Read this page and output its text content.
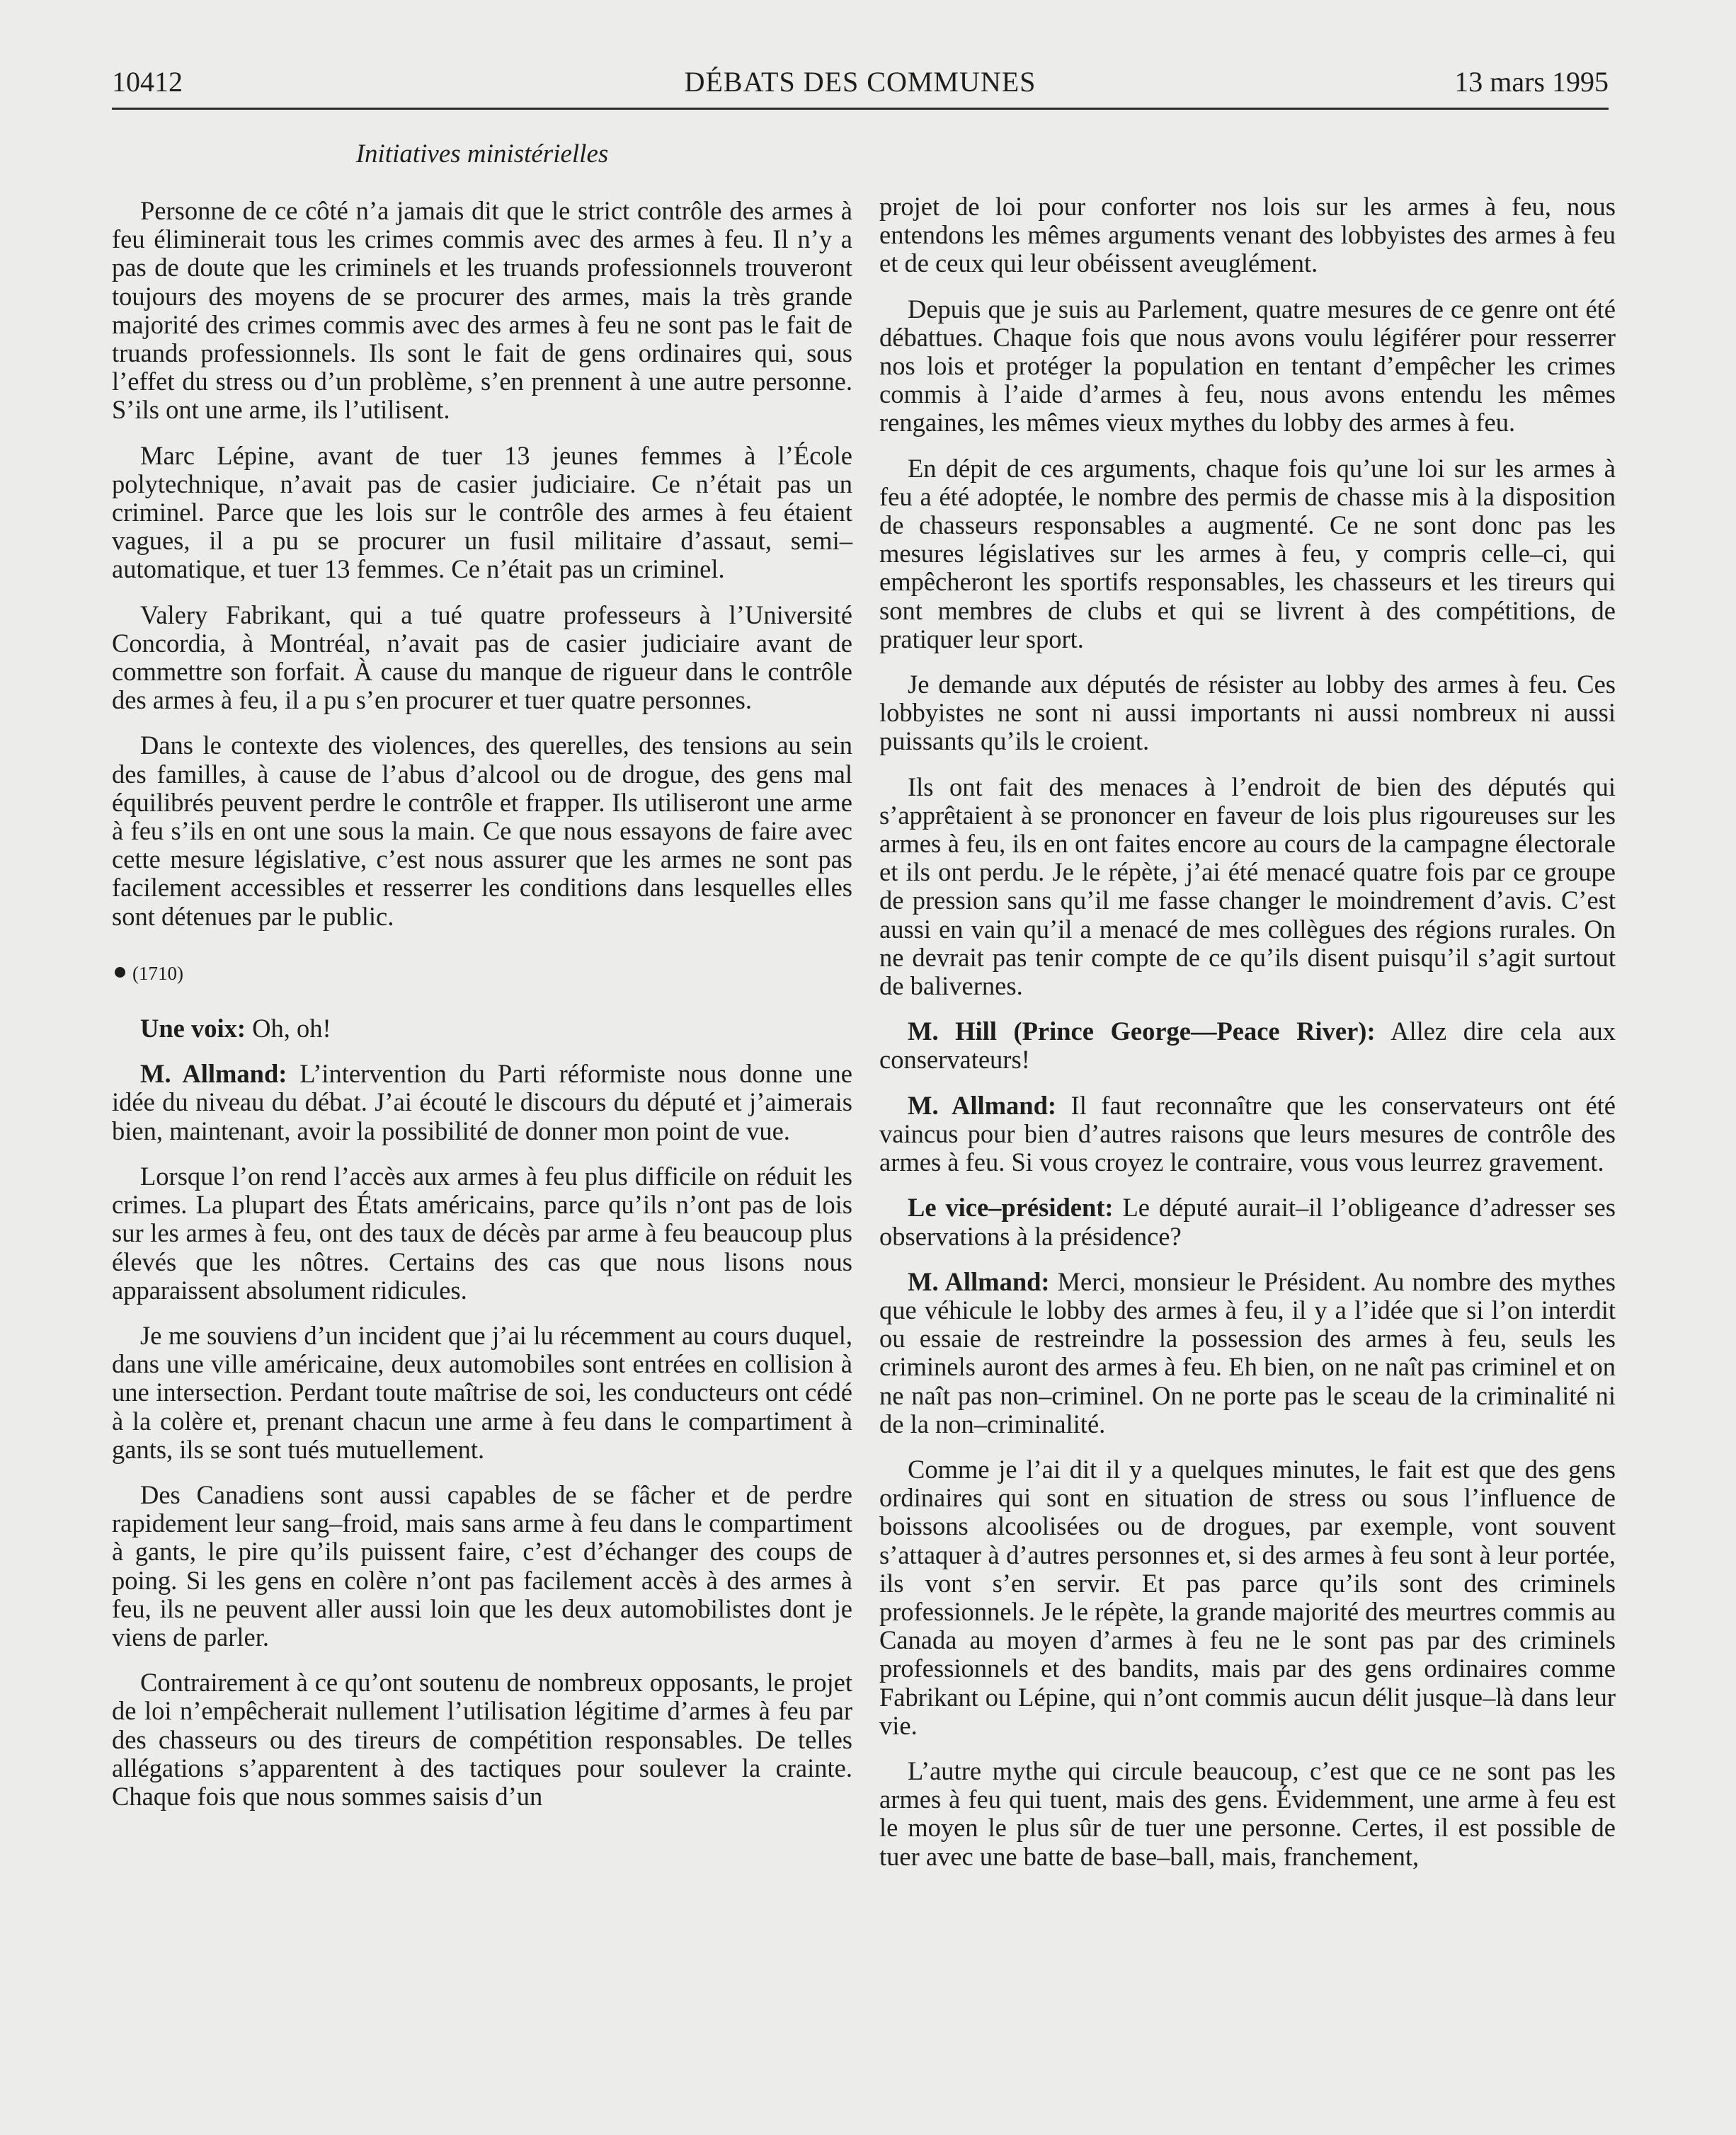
10412	DÉBATS DES COMMUNES	13 mars 1995
Initiatives ministérielles

Personne de ce côté n’a jamais dit que le strict contrôle des armes à feu éliminerait tous les crimes commis avec des armes à feu. Il n’y a pas de doute que les criminels et les truands professionnels trouveront toujours des moyens de se procurer des armes, mais la très grande majorité des crimes commis avec des armes à feu ne sont pas le fait de truands professionnels. Ils sont le fait de gens ordinaires qui, sous l’effet du stress ou d’un problème, s’en prennent à une autre personne. S’ils ont une arme, ils l’utilisent.

Marc Lépine, avant de tuer 13 jeunes femmes à l’École polytechnique, n’avait pas de casier judiciaire. Ce n’était pas un criminel. Parce que les lois sur le contrôle des armes à feu étaient vagues, il a pu se procurer un fusil militaire d’assaut, semi–automatique, et tuer 13 femmes. Ce n’était pas un criminel.

Valery Fabrikant, qui a tué quatre professeurs à l’Université Concordia, à Montréal, n’avait pas de casier judiciaire avant de commettre son forfait. À cause du manque de rigueur dans le contrôle des armes à feu, il a pu s’en procurer et tuer quatre personnes.

Dans le contexte des violences, des querelles, des tensions au sein des familles, à cause de l’abus d’alcool ou de drogue, des gens mal équilibrés peuvent perdre le contrôle et frapper. Ils utiliseront une arme à feu s’ils en ont une sous la main. Ce que nous essayons de faire avec cette mesure législative, c’est nous assurer que les armes ne sont pas facilement accessibles et resserrer les conditions dans lesquelles elles sont détenues par le public.

(1710)

Une voix: Oh, oh!

M. Allmand: L’intervention du Parti réformiste nous donne une idée du niveau du débat. J’ai écouté le discours du député et j’aimerais bien, maintenant, avoir la possibilité de donner mon point de vue.

Lorsque l’on rend l’accès aux armes à feu plus difficile on réduit les crimes. La plupart des États américains, parce qu’ils n’ont pas de lois sur les armes à feu, ont des taux de décès par arme à feu beaucoup plus élevés que les nôtres. Certains des cas que nous lisons nous apparaissent absolument ridicules.

Je me souviens d’un incident que j’ai lu récemment au cours duquel, dans une ville américaine, deux automobiles sont entrées en collision à une intersection. Perdant toute maîtrise de soi, les conducteurs ont cédé à la colère et, prenant chacun une arme à feu dans le compartiment à gants, ils se sont tués mutuellement.

Des Canadiens sont aussi capables de se fâcher et de perdre rapidement leur sang–froid, mais sans arme à feu dans le compartiment à gants, le pire qu’ils puissent faire, c’est d’échanger des coups de poing. Si les gens en colère n’ont pas facilement accès à des armes à feu, ils ne peuvent aller aussi loin que les deux automobilistes dont je viens de parler.

Contrairement à ce qu’ont soutenu de nombreux opposants, le projet de loi n’empêcherait nullement l’utilisation légitime d’armes à feu par des chasseurs ou des tireurs de compétition responsables. De telles allégations s’apparentent à des tactiques pour soulever la crainte. Chaque fois que nous sommes saisis d’un

projet de loi pour conforter nos lois sur les armes à feu, nous entendons les mêmes arguments venant des lobbyistes des armes à feu et de ceux qui leur obéissent aveuglément.

Depuis que je suis au Parlement, quatre mesures de ce genre ont été débattues. Chaque fois que nous avons voulu légiférer pour resserrer nos lois et protéger la population en tentant d’empêcher les crimes commis à l’aide d’armes à feu, nous avons entendu les mêmes rengaines, les mêmes vieux mythes du lobby des armes à feu.

En dépit de ces arguments, chaque fois qu’une loi sur les armes à feu a été adoptée, le nombre des permis de chasse mis à la disposition de chasseurs responsables a augmenté. Ce ne sont donc pas les mesures législatives sur les armes à feu, y compris celle–ci, qui empêcheront les sportifs responsables, les chasseurs et les tireurs qui sont membres de clubs et qui se livrent à des compétitions, de pratiquer leur sport.

Je demande aux députés de résister au lobby des armes à feu. Ces lobbyistes ne sont ni aussi importants ni aussi nombreux ni aussi puissants qu’ils le croient.

Ils ont fait des menaces à l’endroit de bien des députés qui s’apprêtaient à se prononcer en faveur de lois plus rigoureuses sur les armes à feu, ils en ont faites encore au cours de la campagne électorale et ils ont perdu. Je le répète, j’ai été menacé quatre fois par ce groupe de pression sans qu’il me fasse changer le moindrement d’avis. C’est aussi en vain qu’il a menacé de mes collègues des régions rurales. On ne devrait pas tenir compte de ce qu’ils disent puisqu’il s’agit surtout de balivernes.

M. Hill (Prince George—Peace River): Allez dire cela aux conservateurs!

M. Allmand: Il faut reconnaître que les conservateurs ont été vaincus pour bien d’autres raisons que leurs mesures de contrôle des armes à feu. Si vous croyez le contraire, vous vous leurrez gravement.

Le vice–président: Le député aurait–il l’obligeance d’adresser ses observations à la présidence?

M. Allmand: Merci, monsieur le Président. Au nombre des mythes que véhicule le lobby des armes à feu, il y a l’idée que si l’on interdit ou essaie de restreindre la possession des armes à feu, seuls les criminels auront des armes à feu. Eh bien, on ne naît pas criminel et on ne naît pas non–criminel. On ne porte pas le sceau de la criminalité ni de la non–criminalité.

Comme je l’ai dit il y a quelques minutes, le fait est que des gens ordinaires qui sont en situation de stress ou sous l’influence de boissons alcoolisées ou de drogues, par exemple, vont souvent s’attaquer à d’autres personnes et, si des armes à feu sont à leur portée, ils vont s’en servir. Et pas parce qu’ils sont des criminels professionnels. Je le répète, la grande majorité des meurtres commis au Canada au moyen d’armes à feu ne le sont pas par des criminels professionnels et des bandits, mais par des gens ordinaires comme Fabrikant ou Lépine, qui n’ont commis aucun délit jusque–là dans leur vie.

L’autre mythe qui circule beaucoup, c’est que ce ne sont pas les armes à feu qui tuent, mais des gens. Évidemment, une arme à feu est le moyen le plus sûr de tuer une personne. Certes, il est possible de tuer avec une batte de base–ball, mais, franchement,
